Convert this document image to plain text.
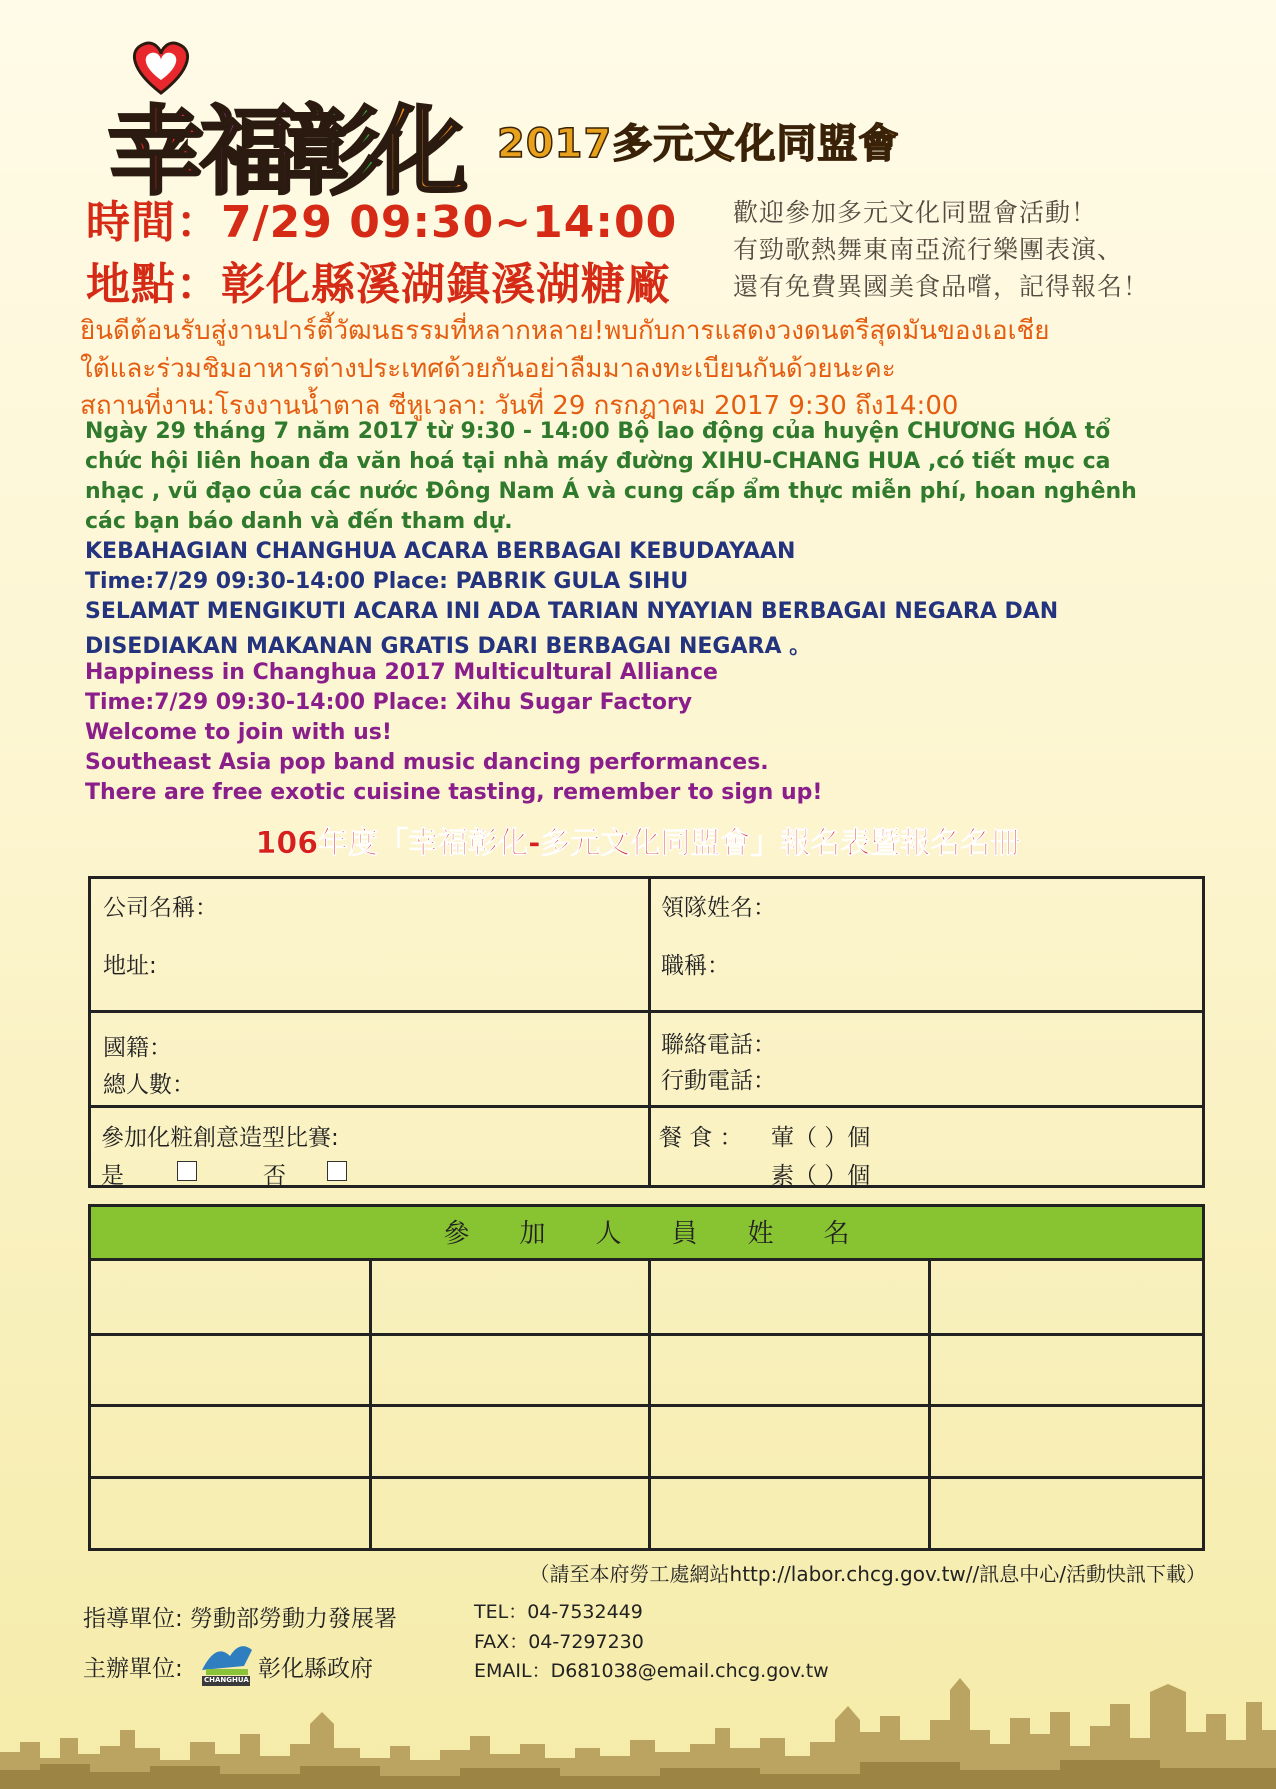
幸 福
彰
化 2017多元文化同盟會
時間：7/29 09:30~14:00
地點：彰化縣溪湖鎮溪湖糖廠
歡迎參加多元文化同盟會活動！
有勁歌熱舞東南亞流行樂團表演、
還有免費異國美食品嚐，記得報名！
ยินดีต้อนรับสู่งานปาร์ตี้วัฒนธรรมที่หลากหลาย!พบกับการแสดงวงดนตรีสุดมันของเอเชีย
ใต้และร่วมชิมอาหารต่างประเทศด้วยกันอย่าลืมมาลงทะเบียนกันด้วยนะคะ
สถานที่งาน:โรงงานน้ำตาล ซีหูเวลา: วันที่ 29 กรกฎาคม 2017 9:30 ถึง14:00
Ngày 29 tháng 7 năm 2017 từ 9:30 - 14:00 Bộ lao động của huyện CHƯƠNG HÓA tổ
chức hội liên hoan đa văn hoá tại nhà máy đường XIHU-CHANG HUA ,có tiết mục ca
nhạc , vũ đạo của các nước Đông Nam Á và cung cấp ẩm thực miễn phí, hoan nghênh
các bạn báo danh và đến tham dự.
KEBAHAGIAN CHANGHUA ACARA BERBAGAI KEBUDAYAAN
Time:7/29 09:30-14:00 Place: PABRIK GULA SIHU
SELAMAT MENGIKUTI ACARA INI ADA TARIAN NYAYIAN BERBAGAI NEGARA DAN
DISEDIAKAN MAKANAN GRATIS DARI BERBAGAI NEGARA 。
Happiness in Changhua 2017 Multicultural Alliance
Time:7/29 09:30-14:00 Place: Xihu Sugar Factory
Welcome to join with us!
Southeast Asia pop band music dancing performances.
There are free exotic cuisine tasting, remember to sign up!
106年度「幸福彰化-多元文化同盟會」報名表暨報名名冊
公司名稱：
地址:
領隊姓名：
職稱：
國籍：
總人數：
聯絡電話：
行動電話：
參加化粧創意造型比賽:
是	否
餐 食 ： 葷（ ）個
素（ ）個
參加人員姓名
（請至本府勞工處網站http://labor.chcg.gov.tw//訊息中心/活動快訊下載）
指導單位: 勞動部勞動力發展署
主辦單位:	CHANGHUA 彰化縣政府
TEL：04-7532449
FAX：04-7297230
EMAIL：D681038@email.chcg.gov.tw
